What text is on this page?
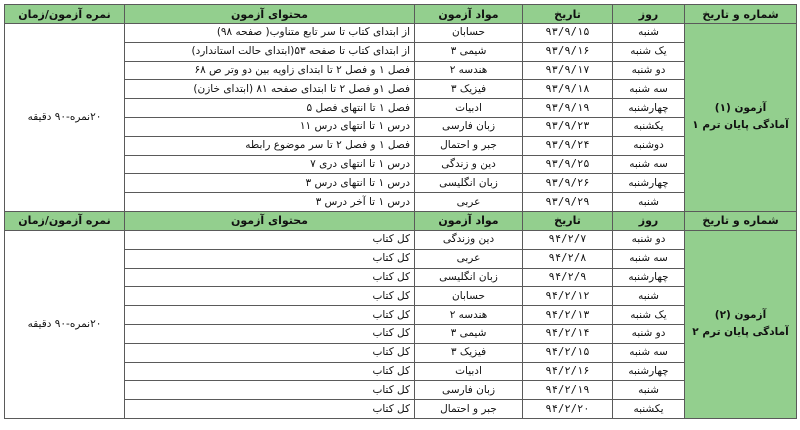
شماره و تاریخ	روز	تاریخ	مواد آزمون	محتوای آزمون	نمره آزمون/زمان

آزمون (۱)
آمادگی پایان ترم ۱	شنبه	۹۳/۹/۱۵	حسابان	از ابتدای کتاب تا سر تابع متناوب( صفحه ۹۸)	۲۰نمره-۹۰ دقیقه
	یک شنبه	۹۳/۹/۱۶	شیمی ۳	از ابتدای کتاب تا صفحه ۵۳(ابتدای حالت استاندارد)	
	دو شنبه	۹۳/۹/۱۷	هندسه ۲	فصل ۱ و فصل ۲ تا ابتدای زاویه بین دو وتر ص ۶۸	
	سه شنبه	۹۳/۹/۱۸	فیزیک ۳	فصل ۱و فصل ۲ تا ابتدای صفحه ۸۱ (ابتدای خازن)	
	چهارشنبه	۹۳/۹/۱۹	ادبیات	فصل ۱ تا انتهای فصل ۵	
	یکشنبه	۹۳/۹/۲۳	زبان فارسی	درس ۱ تا انتهای درس ۱۱	
	دوشنبه	۹۳/۹/۲۴	جبر و احتمال	فصل ۱ و فصل ۲ تا سر موضوع رابطه	
	سه شنبه	۹۳/۹/۲۵	دین و زندگی	درس ۱ تا انتهای دری ۷	
	چهارشنبه	۹۳/۹/۲۶	زبان انگلیسی	درس ۱ تا انتهای درس ۳	
	شنبه	۹۳/۹/۲۹	عربی	درس ۱ تا آخر درس ۳	
شماره و تاریخ	روز	تاریخ	مواد آزمون	محتوای آزمون	نمره آزمون/زمان

آزمون (۲)
آمادگی پایان ترم ۲	دو شنبه	۹۴/۲/۷	دین وزندگی	کل کتاب	۲۰نمره-۹۰ دقیقه
	سه شنبه	۹۴/۲/۸	عربی	کل کتاب	
	چهارشنبه	۹۴/۲/۹	زبان انگلیسی	کل کتاب	
	شنبه	۹۴/۲/۱۲	حسابان	کل کتاب	
	یک شنبه	۹۴/۲/۱۳	هندسه ۲	کل کتاب	
	دو شنبه	۹۴/۲/۱۴	شیمی ۳	کل کتاب	
	سه شنبه	۹۴/۲/۱۵	فیزیک ۳	کل کتاب	
	چهارشنبه	۹۴/۲/۱۶	ادبیات	کل کتاب	
	شنبه	۹۴/۲/۱۹	زبان فارسی	کل کتاب	
	یکشنبه	۹۴/۲/۲۰	جبر و احتمال	کل کتاب	
